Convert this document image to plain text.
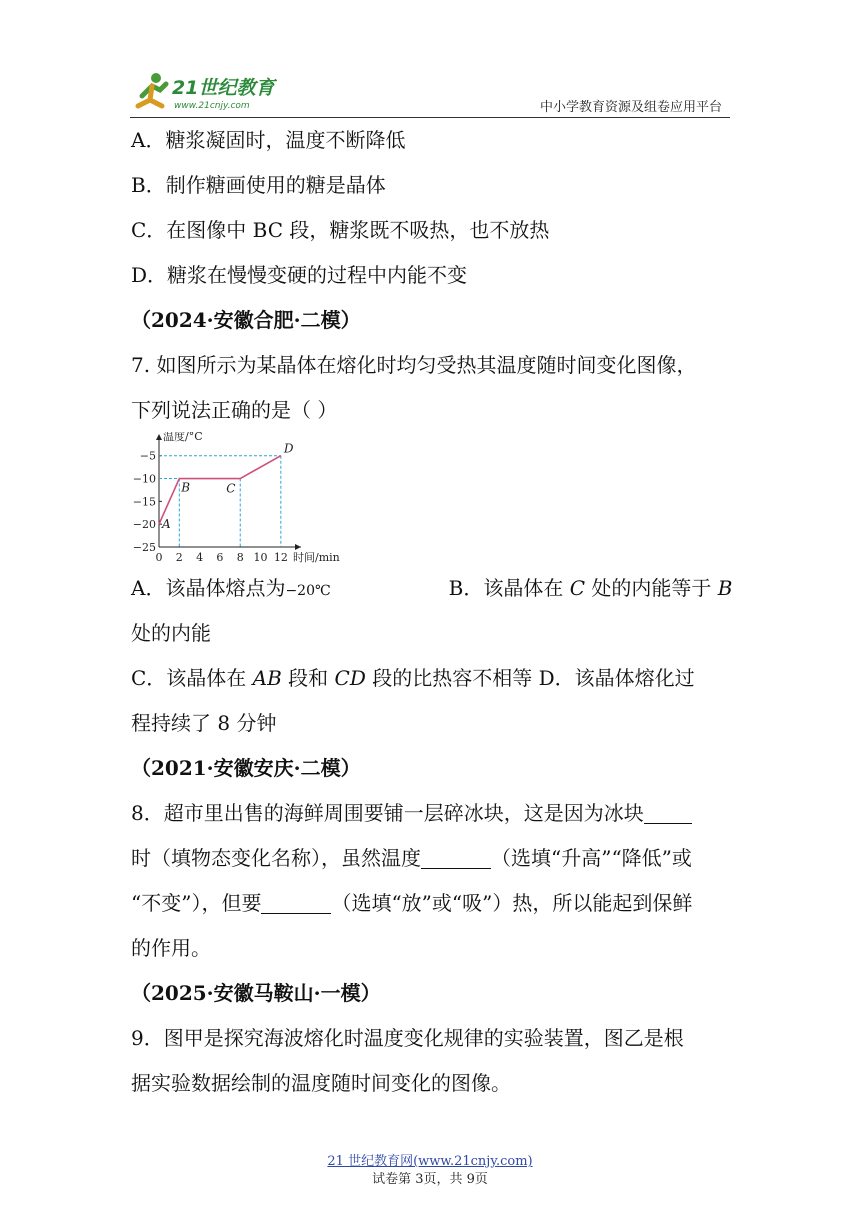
21世纪教育
www.21cnjy.com	中小学教育资源及组卷应用平台
A．糖浆凝固时，温度不断降低
B．制作糖画使用的糖是晶体
C．在图像中 BC 段，糖浆既不吸热，也不放热
D．糖浆在慢慢变硬的过程中内能不变
（2024·安徽合肥·二模）
7. 如图所示为某晶体在熔化时均匀受热其温度随时间变化图像，
下列说法正确的是（ ）
温度/°C
时间/min
0 2 4 6 8 10 12
−5
−10
−15
−20
−25
A
B	C
D
A．该晶体熔点为−20℃	B．该晶体在 C 处的内能等于 B
处的内能
C．该晶体在 AB 段和 CD 段的比热容不相等 D．该晶体熔化过
程持续了 8 分钟
（2021·安徽安庆·二模）
8．超市里出售的海鲜周围要铺一层碎冰块，这是因为冰块
时（填物态变化名称），虽然温度	（选填“升高”“降低”或
“不变”），但要	（选填“放”或“吸”）热，所以能起到保鲜
的作用。
（2025·安徽马鞍山·一模）
9．图甲是探究海波熔化时温度变化规律的实验装置，图乙是根
据实验数据绘制的温度随时间变化的图像。
21 世纪教育网(www.21cnjy.com)
试卷第 3页，共 9页
